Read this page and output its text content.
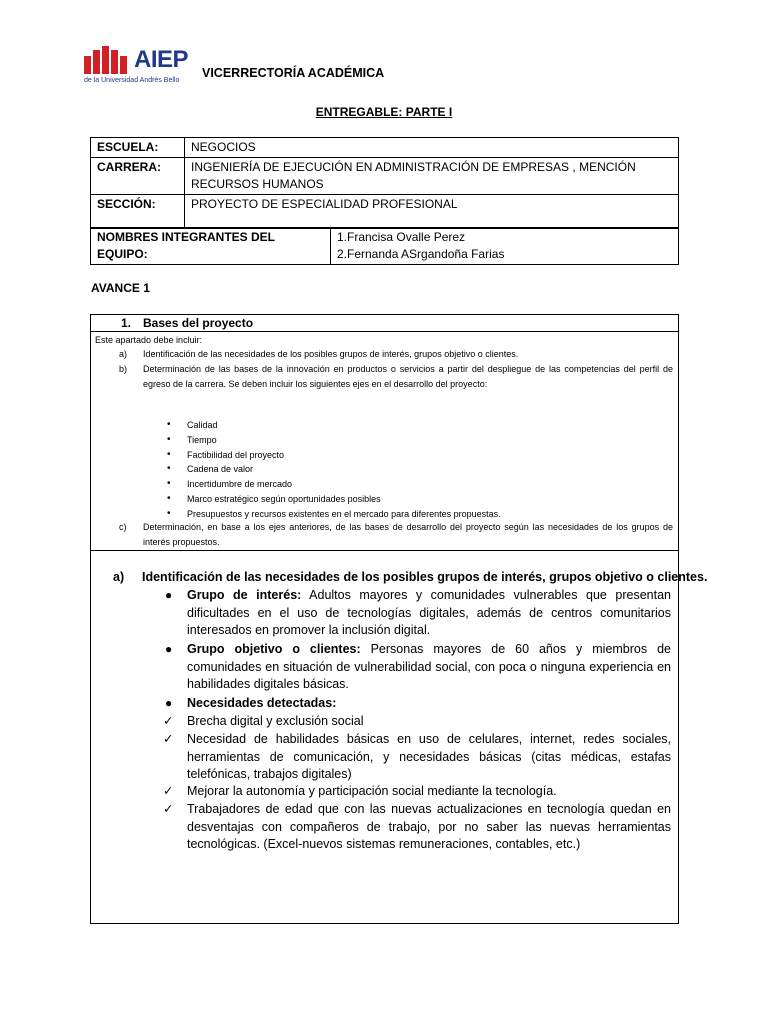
AIEP
de la Universidad Andrés Bello
VICERRECTORÍA ACADÉMICA
ENTREGABLE: PARTE I
ESCUELA:	NEGOCIOS
CARRERA:	INGENIERÍA DE EJECUCIÓN EN ADMINISTRACIÓN DE EMPRESAS , MENCIÓN RECURSOS HUMANOS
SECCIÓN:	PROYECTO DE ESPECIALIDAD PROFESIONAL
NOMBRES INTEGRANTES DEL EQUIPO:	
1.Francisa Ovalle Perez
2.Fernanda ASrgandoña Farias
AVANCE 1
1. Bases del proyecto
Este apartado debe incluir:
a) Identificación de las necesidades de los posibles grupos de interés, grupos objetivo o clientes.
b) Determinación de las bases de la innovación en productos o servicios a partir del despliegue de las competencias del perfil de egreso de la carrera. Se deben incluir los siguientes ejes en el desarrollo del proyecto:
• Calidad
• Tiempo
• Factibilidad del proyecto
• Cadena de valor
• Incertidumbre de mercado
• Marco estratégico según oportunidades posibles
• Presupuestos y recursos existentes en el mercado para diferentes propuestas.
c) Determinación, en base a los ejes anteriores, de las bases de desarrollo del proyecto según las necesidades de los grupos de interés propuestos.
a) Identificación de las necesidades de los posibles grupos de interés, grupos objetivo o clientes.
● Grupo de interés: Adultos mayores y comunidades vulnerables que presentan dificultades en el uso de tecnologías digitales, además de centros comunitarios interesados en promover la inclusión digital.
● Grupo objetivo o clientes: Personas mayores de 60 años y miembros de comunidades en situación de vulnerabilidad social, con poca o ninguna experiencia en habilidades digitales básicas.
● Necesidades detectadas:
✓ Brecha digital y exclusión social
✓ Necesidad de habilidades básicas en uso de celulares, internet, redes sociales, herramientas de comunicación, y necesidades básicas (citas médicas, estafas telefónicas, trabajos digitales)
✓ Mejorar la autonomía y participación social mediante la tecnología.
✓ Trabajadores de edad que con las nuevas actualizaciones en tecnología quedan en desventajas con compañeros de trabajo, por no saber las nuevas herramientas tecnológicas. (Excel-nuevos sistemas remuneraciones, contables, etc.)
